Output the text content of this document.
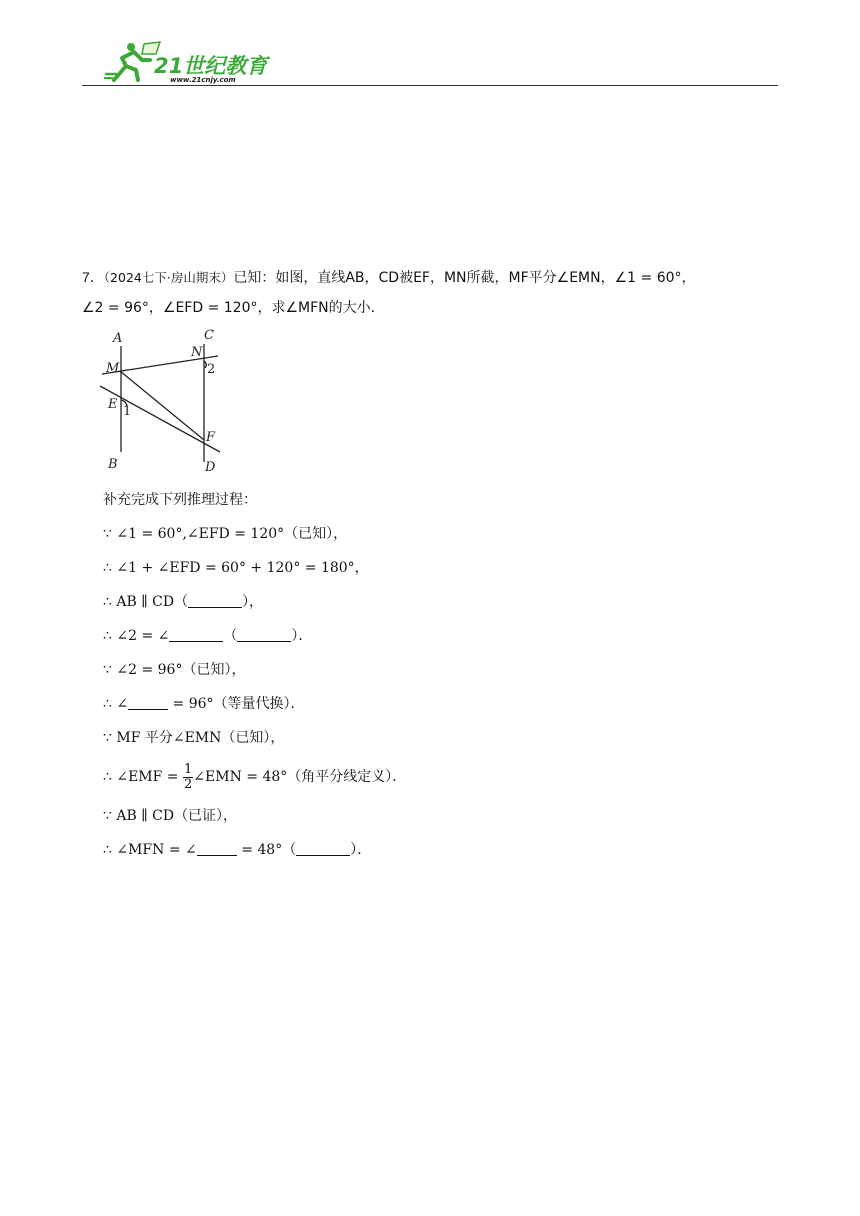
21世纪教育
www.21cnjy.com
7．（2024七下·房山期末）已知：如图，直线AB，CD被EF，MN所截，MF平分∠EMN，∠1 = 60°，
∠2 = 96°，∠EFD = 120°，求∠MFN的大小．
A	C
N
M	2
E 1
F
B	D
补充完成下列推理过程：
∵ ∠1 = 60°,∠EFD = 120°（已知），
∴ ∠1 + ∠EFD = 60° + 120° = 180°，
∴ AB ∥ CD（	），
∴ ∠2 = ∠	（	）．
∵ ∠2 = 96°（已知），
∴ ∠	= 96°（等量代换）．
∵ MF 平分∠EMN（已知），
∴ ∠EMF = $\frac{1}{2}$ ∠EMN = 48°（角平分线定义）．
∵ AB ∥ CD（已证），
∴ ∠MFN = ∠	= 48°（	）．
